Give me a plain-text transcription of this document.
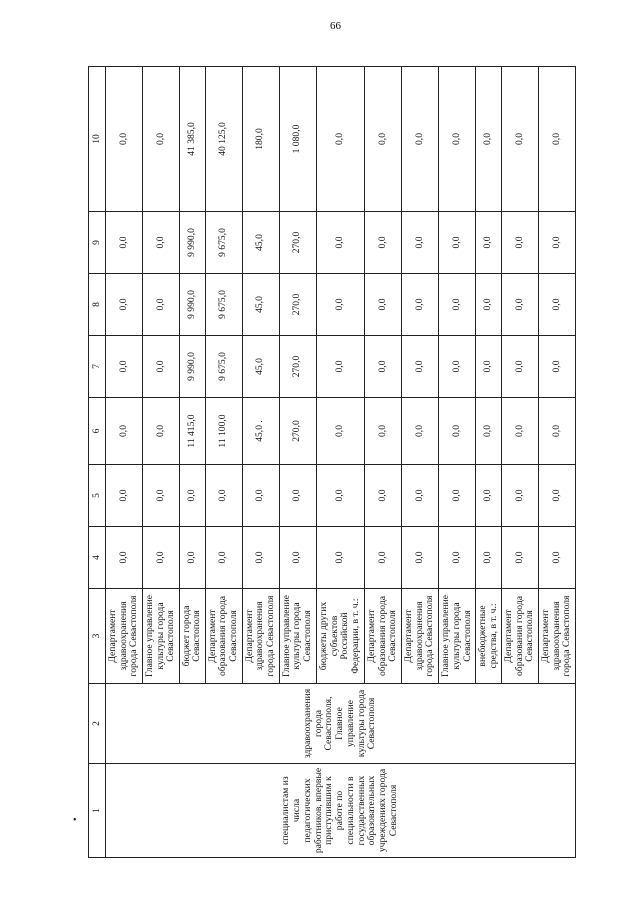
66
•
1	2	3	4	5	6	7	8	9	10
специалистам из числа педагогических работников, впервые приступившим к работе по специальности в государственных образовательных учреждениях города Севастополя	здравоохранения города Севастополя, Главное управление культуры города Севастополя	Департамент здравоохранения города Севастополя	0,0	0,0	0,0	0,0	0,0	0,0	0,0
		Главное управление культуры города Севастополя	0,0	0,0	0,0	0,0	0,0	0,0	0,0
		бюджет города Севастополя	0,0	0,0	11 415,0	9 990,0	9 990,0	9 990,0	41 385,0
		Департамент образования города Севастополя	0,0	0,0	11 100,0	9 675,0	9 675,0	9 675,0	40 125,0
		Департамент здравоохранения города Севастополя	0,0	0,0	45,0 .	45,0	45,0	45,0	180,0
		Главное управление культуры города Севастополя	0,0	0,0	270,0	270,0	270,0	270,0	1 080,0
		бюджеты других субъектов Российской Федерации, в т. ч.:	0,0	0,0	0,0	0,0	0,0	0,0	0,0
		Департамент образования города Севастополя	0,0	0,0	0,0	0,0	0,0	0,0	0,0
		Департамент здравоохранения города Севастополя	0,0	0,0	0,0	0,0	0,0	0,0	0,0
		Главное управление культуры города Севастополя	0,0	0,0	0,0	0,0	0,0	0,0	0,0
		внебюджетные средства, в т. ч.:	0,0	0,0	0,0	0,0	0,0	0,0	0,0
		Департамент образования города Севастополя	0,0	0,0	0,0	0,0	0,0	0,0	0,0
		Департамент здравоохранения города Севастополя	0,0	0,0	0,0	0,0	0,0	0,0	0,0
